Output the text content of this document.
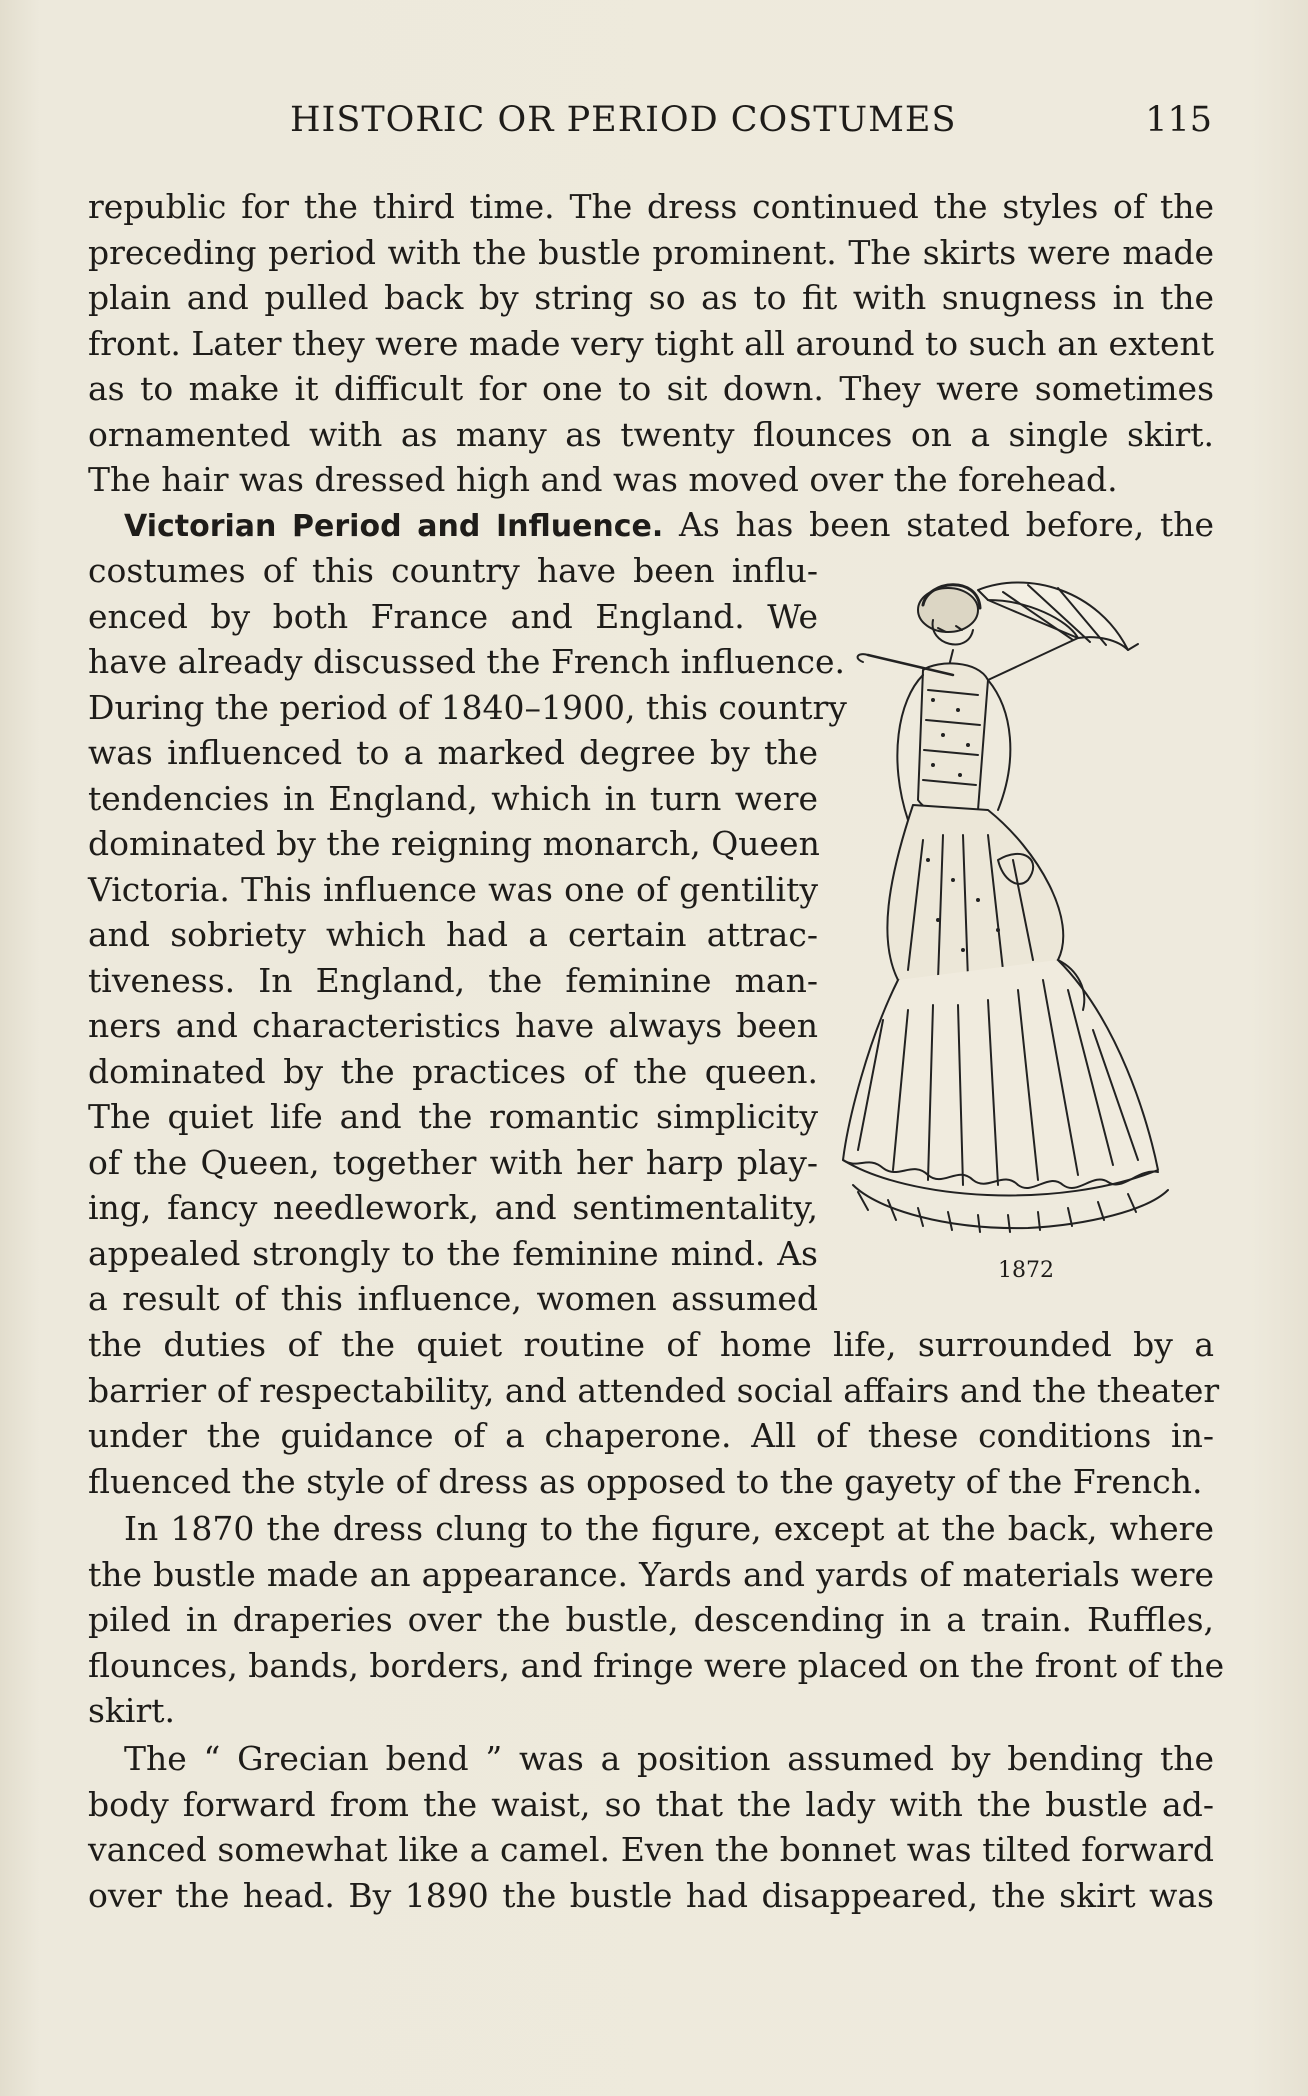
HISTORIC OR PERIOD COSTUMES	115
republic for the third time. The dress continued the styles of the
preceding period with the bustle prominent. The skirts were made
plain and pulled back by string so as to fit with snugness in the
front. Later they were made very tight all around to such an extent
as to make it difficult for one to sit down. They were sometimes
ornamented with as many as twenty flounces on a single skirt.
The hair was dressed high and was moved over the forehead.
Victorian Period and Influence. As has been stated before, the
costumes of this country have been influ-
enced by both France and England. We
have already discussed the French influence.
During the period of 1840–1900, this country
was influenced to a marked degree by the
tendencies in England, which in turn were
dominated by the reigning monarch, Queen
Victoria. This influence was one of gentility
and sobriety which had a certain attrac-
tiveness. In England, the feminine man-
ners and characteristics have always been
dominated by the practices of the queen.
The quiet life and the romantic simplicity
of the Queen, together with her harp play-
ing, fancy needlework, and sentimentality,
appealed strongly to the feminine mind. As
a result of this influence, women assumed
the duties of the quiet routine of home life, surrounded by a
barrier of respectability, and attended social affairs and the theater
under the guidance of a chaperone. All of these conditions in-
fluenced the style of dress as opposed to the gayety of the French.
In 1870 the dress clung to the figure, except at the back, where
the bustle made an appearance. Yards and yards of materials were
piled in draperies over the bustle, descending in a train. Ruffles,
flounces, bands, borders, and fringe were placed on the front of the
skirt.
The “ Grecian bend ” was a position assumed by bending the
body forward from the waist, so that the lady with the bustle ad-
vanced somewhat like a camel. Even the bonnet was tilted forward
over the head. By 1890 the bustle had disappeared, the skirt was
1872
